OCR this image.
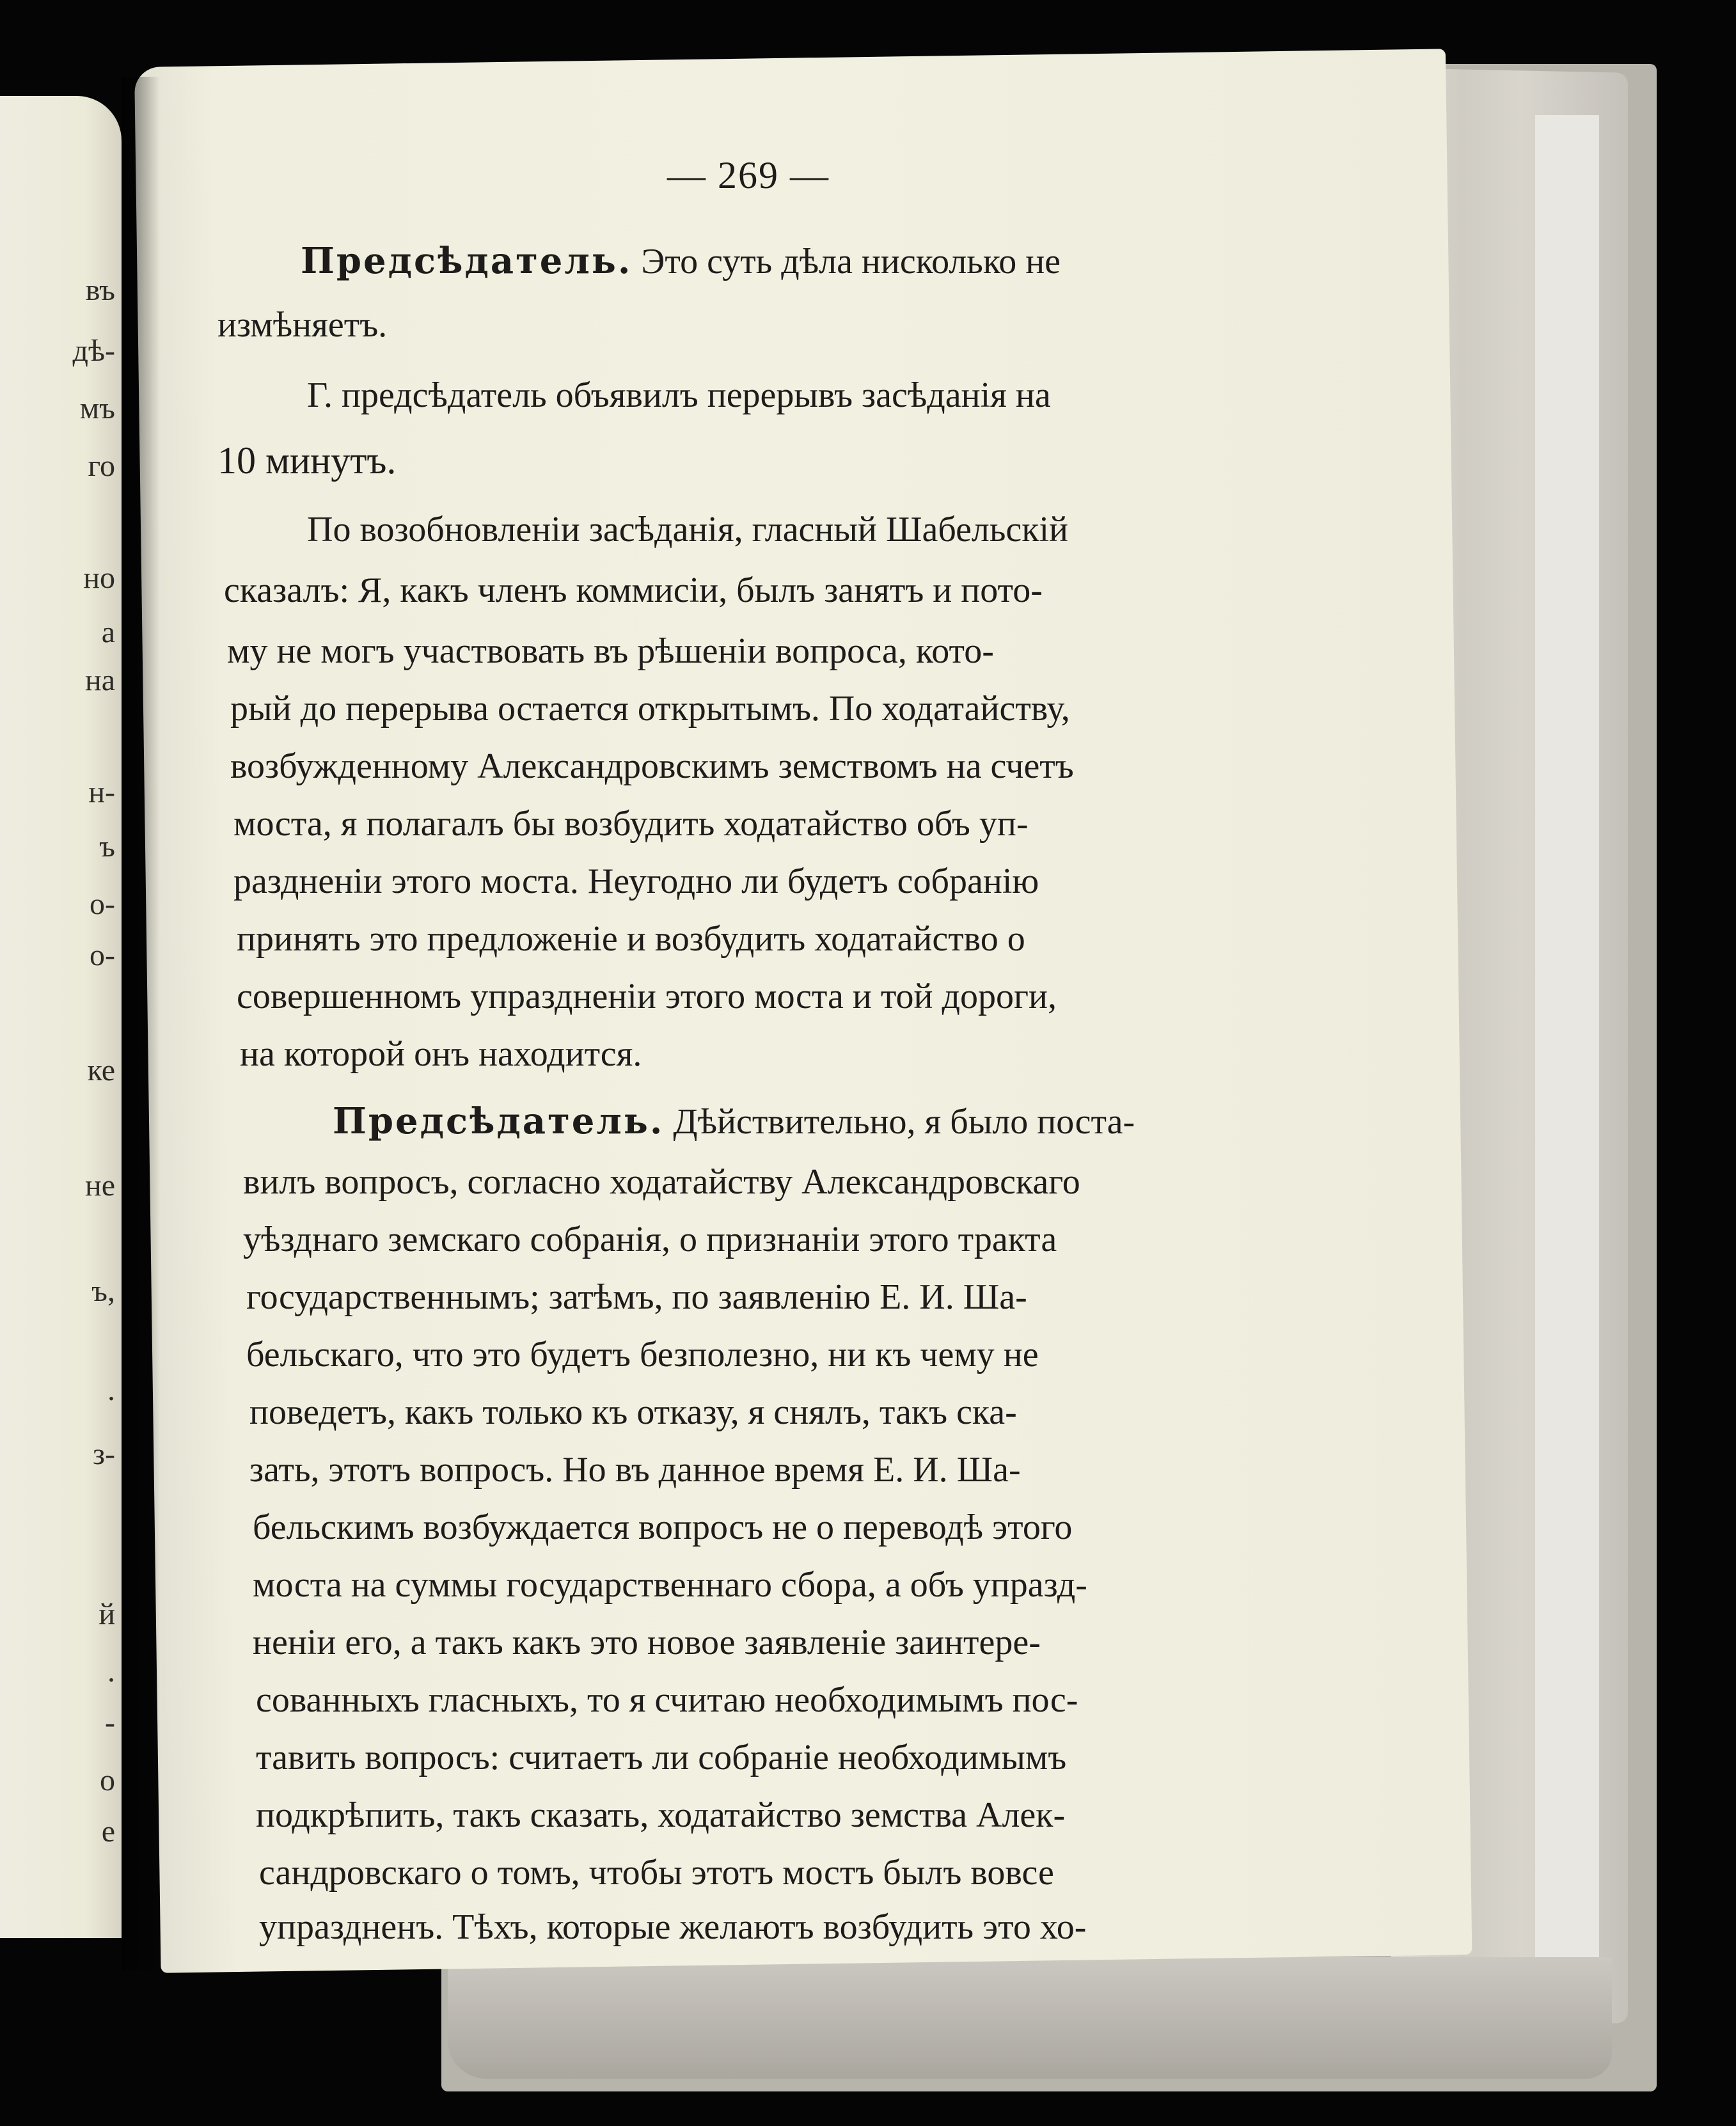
въ
дѣ-
мъ
го
но
а
на
н-
ъ
о-
о-
ке
не
ъ,
.
з-
й
.
-
о
е
— 269 —
Предсѣдатель. Это суть дѣла нисколько не
измѣняетъ.
Г. предсѣдатель объявилъ перерывъ засѣданія на
10 минутъ.
По возобновленіи засѣданія, гласный Шабельскій
сказалъ: Я, какъ членъ коммисіи, былъ занятъ и пото-
му не могъ участвовать въ рѣшеніи вопроса, кото-
рый до перерыва остается открытымъ. По ходатайству,
возбужденному Александровскимъ земствомъ на счетъ
моста, я полагалъ бы возбудить ходатайство объ уп-
раздненіи этого моста. Неугодно ли будетъ собранію
принять это предложеніе и возбудить ходатайство о
совершенномъ упраздненіи этого моста и той дороги,
на которой онъ находится.
Предсѣдатель. Дѣйствительно, я было поста-
вилъ вопросъ, согласно ходатайству Александровскаго
уѣзднаго земскаго собранія, о признаніи этого тракта
государственнымъ; затѣмъ, по заявленію Е. И. Ша-
бельскаго, что это будетъ безполезно, ни къ чему не
поведетъ, какъ только къ отказу, я снялъ, такъ ска-
зать, этотъ вопросъ. Но въ данное время Е. И. Ша-
бельскимъ возбуждается вопросъ не о переводѣ этого
моста на суммы государственнаго сбора, а объ упразд-
неніи его, а такъ какъ это новое заявленіе заинтере-
сованныхъ гласныхъ, то я считаю необходимымъ пос-
тавить вопросъ: считаетъ ли собраніе необходимымъ
подкрѣпить, такъ сказать, ходатайство земства Алек-
сандровскаго о томъ, чтобы этотъ мостъ былъ вовсе
упраздненъ. Тѣхъ, которые желаютъ возбудить это хо-
